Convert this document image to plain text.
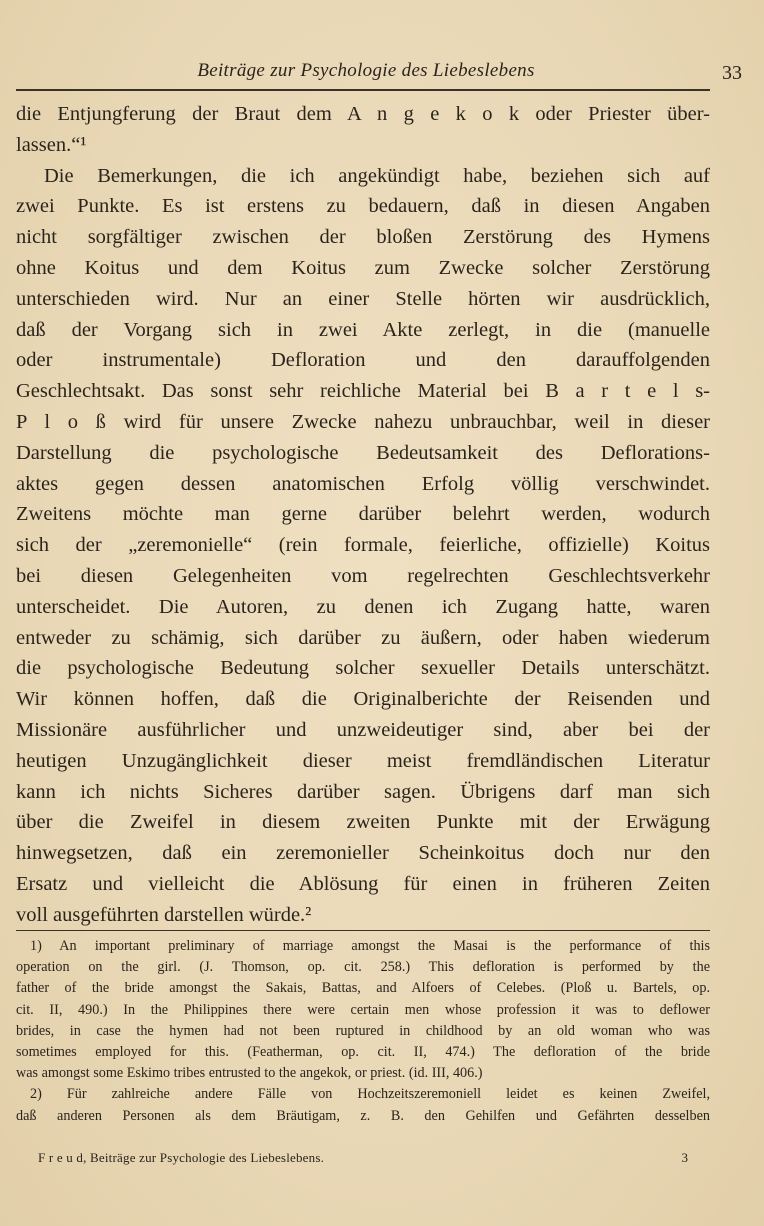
Beiträge zur Psychologie des Liebeslebens	33
die Entjungferung der Braut dem A n g e k o k oder Priester über-
lassen.“¹
Die Bemerkungen, die ich angekündigt habe, beziehen sich auf
zwei Punkte. Es ist erstens zu bedauern, daß in diesen Angaben
nicht sorgfältiger zwischen der bloßen Zerstörung des Hymens
ohne Koitus und dem Koitus zum Zwecke solcher Zerstörung
unterschieden wird. Nur an einer Stelle hörten wir ausdrücklich,
daß der Vorgang sich in zwei Akte zerlegt, in die (manuelle
oder instrumentale) Defloration und den darauffolgenden
Geschlechtsakt. Das sonst sehr reichliche Material bei B a r t e l s-
P l o ß wird für unsere Zwecke nahezu unbrauchbar, weil in dieser
Darstellung die psychologische Bedeutsamkeit des Deflorations-
aktes gegen dessen anatomischen Erfolg völlig verschwindet.
Zweitens möchte man gerne darüber belehrt werden, wodurch
sich der „zeremonielle“ (rein formale, feierliche, offizielle) Koitus
bei diesen Gelegenheiten vom regelrechten Geschlechtsverkehr
unterscheidet. Die Autoren, zu denen ich Zugang hatte, waren
entweder zu schämig, sich darüber zu äußern, oder haben wiederum
die psychologische Bedeutung solcher sexueller Details unterschätzt.
Wir können hoffen, daß die Originalberichte der Reisenden und
Missionäre ausführlicher und unzweideutiger sind, aber bei der
heutigen Unzugänglichkeit dieser meist fremdländischen Literatur
kann ich nichts Sicheres darüber sagen. Übrigens darf man sich
über die Zweifel in diesem zweiten Punkte mit der Erwägung
hinwegsetzen, daß ein zeremonieller Scheinkoitus doch nur den
Ersatz und vielleicht die Ablösung für einen in früheren Zeiten
voll ausgeführten darstellen würde.²
1) An important preliminary of marriage amongst the Masai is the performance of this
operation on the girl. (J. Thomson, op. cit. 258.) This defloration is performed by the
father of the bride amongst the Sakais, Battas, and Alfoers of Celebes. (Ploß u. Bartels, op.
cit. II, 490.) In the Philippines there were certain men whose profession it was to deflower
brides, in case the hymen had not been ruptured in childhood by an old woman who was
sometimes employed for this. (Featherman, op. cit. II, 474.) The defloration of the bride
was amongst some Eskimo tribes entrusted to the angekok, or priest. (id. III, 406.)
2) Für zahlreiche andere Fälle von Hochzeitszeremoniell leidet es keinen Zweifel,
daß anderen Personen als dem Bräutigam, z. B. den Gehilfen und Gefährten desselben
F r e u d, Beiträge zur Psychologie des Liebeslebens.	3
